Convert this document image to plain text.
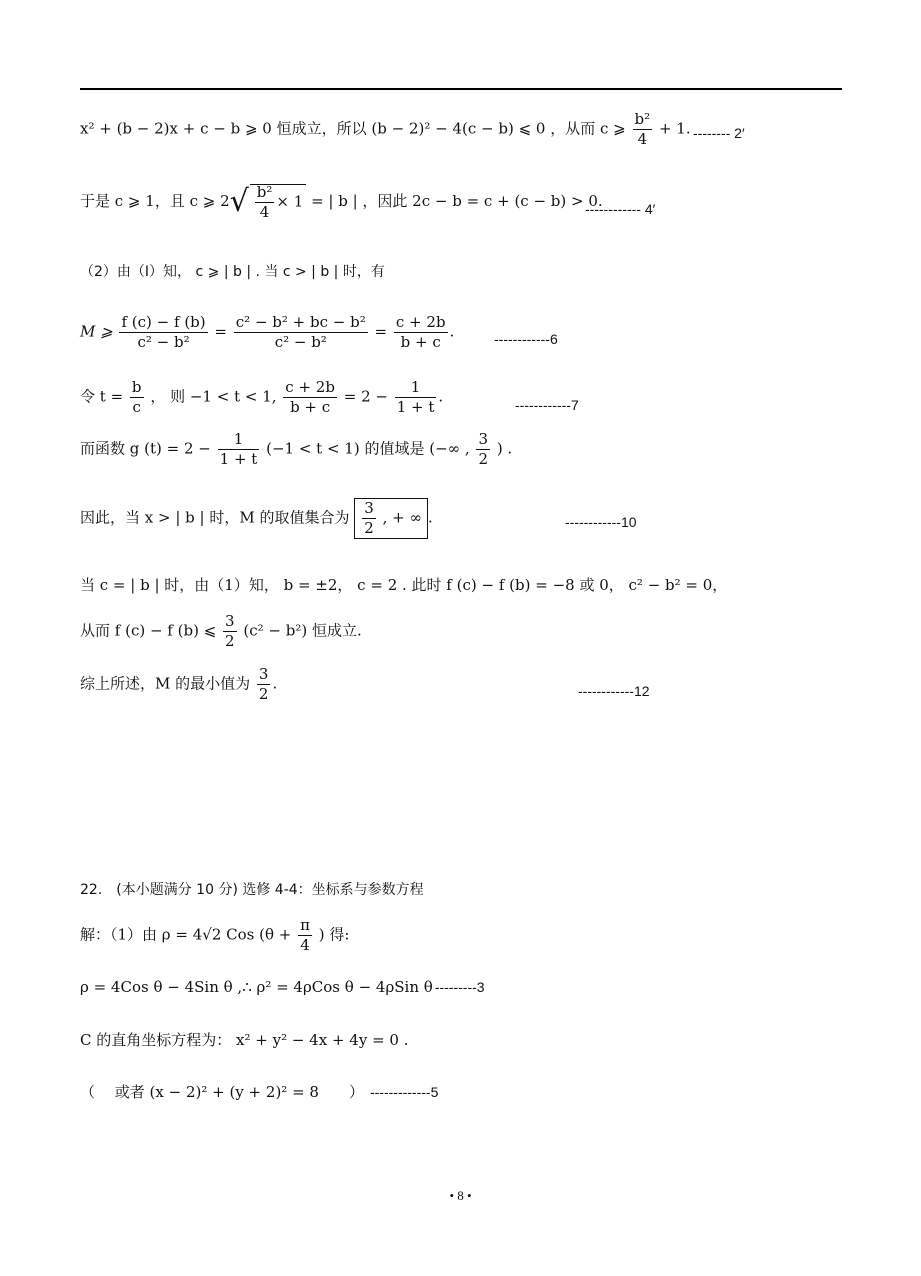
x² + (b − 2)x + c − b ⩾ 0 恒成立，所以 (b − 2)² − 4(c − b) ⩽ 0 ，从而 c ⩾ $\frac{\text{b²}}{4} + 1$. -------- 2′
于是 c ⩾ 1，且 c ⩾ $2√ \frac{\text{b²}}{4} \times 1$ = | b | ，因此 2c − b = c + (c − b) > 0.
------------ 4′
（2）由（Ⅰ）知， c ⩾ | b | . 当 c > | b | 时，有
M ⩾ $\frac{f (c) - f (b)}{\text{c² − b²}} = \frac{\text{c² − b² + bc − b²}}{\text{c² − b²}} = \frac{c + 2b}{b + c}$ .	------------6
令 $t = \frac{b}{c}$ ， 则 −1 < t < 1, $\frac{c + 2b}{b + c} = 2 - \frac{1}{1 + t}$ .	------------7
而函数 g $(t) = 2 - \frac{1}{1 + t} (-1 < t < 1)$ 的值域是 (−∞ , $\frac{3}{2}$ ) .
因此，当 x > | b | 时，M 的取值集合为 $\frac{3}{2}$ , + ∞ .	------------10
当 c = | b | 时，由（1）知， b = ±2， c = 2 . 此时 f (c) − f (b) = −8 或 0， c² − b² = 0，
从而 f (c) − f (b) ⩽ $\frac{3}{2} (c^2 - b^2)$ 恒成立.
综上所述，M 的最小值为 $\frac{3}{2}$ .	------------12
22.　(本小题满分 10 分) 选修 4-4：坐标系与参数方程
解：（1）由 ρ = 4√2 Cos ($\theta + \frac{\pi}{4}$ ) 得:
ρ = 4Cos θ − 4Sin θ ,∴ ρ² = 4ρCos θ − 4ρSin θ ---------3
C 的直角坐标方程为： x² + y² − 4x + 4y = 0 .
（　 或者 (x − 2)² + (y + 2)² = 8　　） -------------5
• 8 •
